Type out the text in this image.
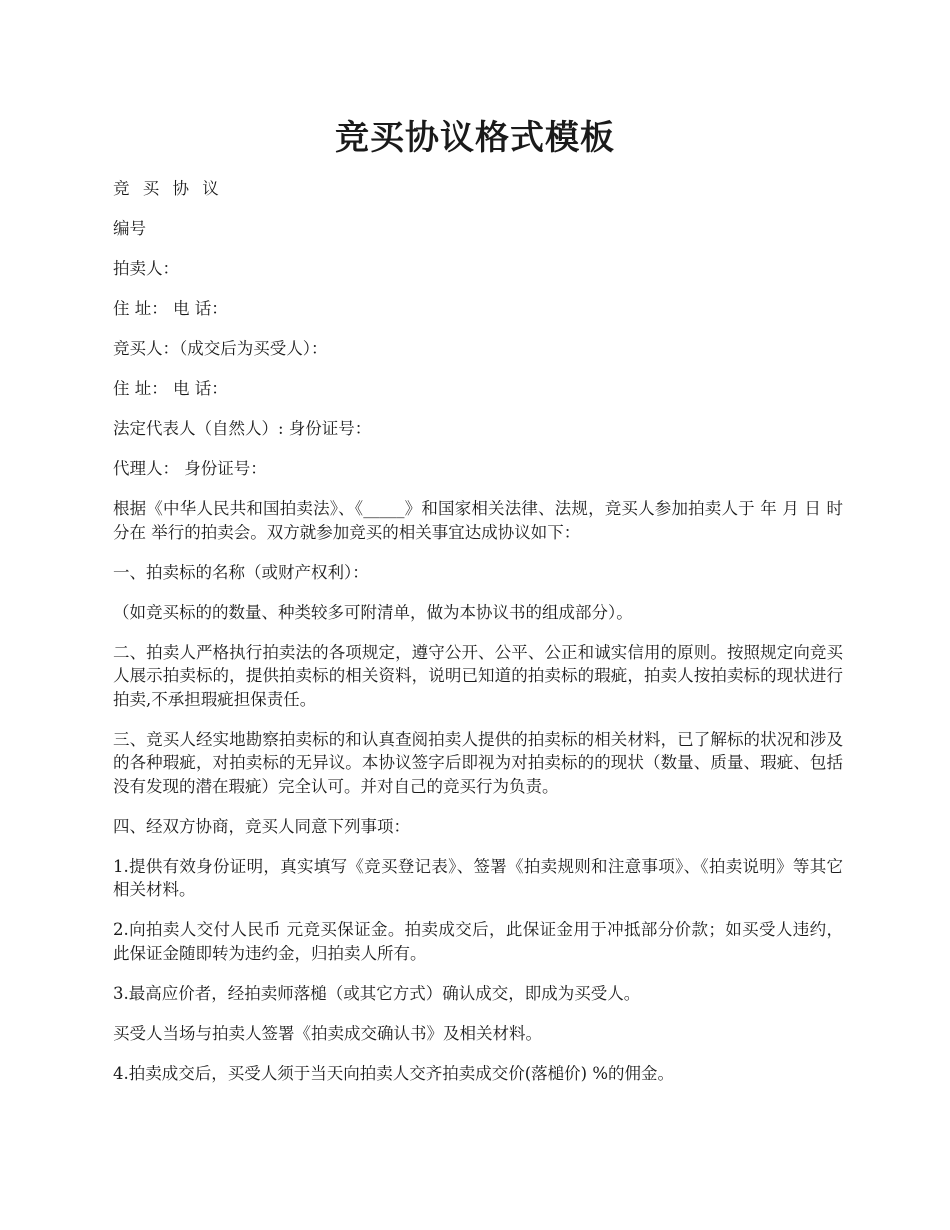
竞买协议格式模板

竞 买 协 议

编号

拍卖人：

住 址： 电 话：

竞买人：（成交后为买受人）：

住 址： 电 话：

法定代表人（自然人）: 身份证号：

代理人： 身份证号：

根据《中华人民共和国拍卖法》、《_____》和国家相关法律、法规，竞买人参加拍卖人于 年 月 日 时 分在 举行的拍卖会。双方就参加竞买的相关事宜达成协议如下：

一、拍卖标的名称（或财产权利）：

（如竞买标的的数量、种类较多可附清单，做为本协议书的组成部分）。

二、拍卖人严格执行拍卖法的各项规定，遵守公开、公平、公正和诚实信用的原则。按照规定向竞买人展示拍卖标的，提供拍卖标的相关资料，说明已知道的拍卖标的瑕疵，拍卖人按拍卖标的现状进行拍卖,不承担瑕疵担保责任。

三、竞买人经实地勘察拍卖标的和认真查阅拍卖人提供的拍卖标的相关材料，已了解标的状况和涉及的各种瑕疵，对拍卖标的无异议。本协议签字后即视为对拍卖标的的现状（数量、质量、瑕疵、包括没有发现的潜在瑕疵）完全认可。并对自己的竞买行为负责。

四、经双方协商，竞买人同意下列事项：

1.提供有效身份证明，真实填写《竞买登记表》、签署《拍卖规则和注意事项》、《拍卖说明》等其它相关材料。

2.向拍卖人交付人民币 元竞买保证金。拍卖成交后，此保证金用于冲抵部分价款；如买受人违约，此保证金随即转为违约金，归拍卖人所有。

3.最高应价者，经拍卖师落槌（或其它方式）确认成交，即成为买受人。

买受人当场与拍卖人签署《拍卖成交确认书》及相关材料。

4.拍卖成交后，买受人须于当天向拍卖人交齐拍卖成交价(落槌价) %的佣金。
